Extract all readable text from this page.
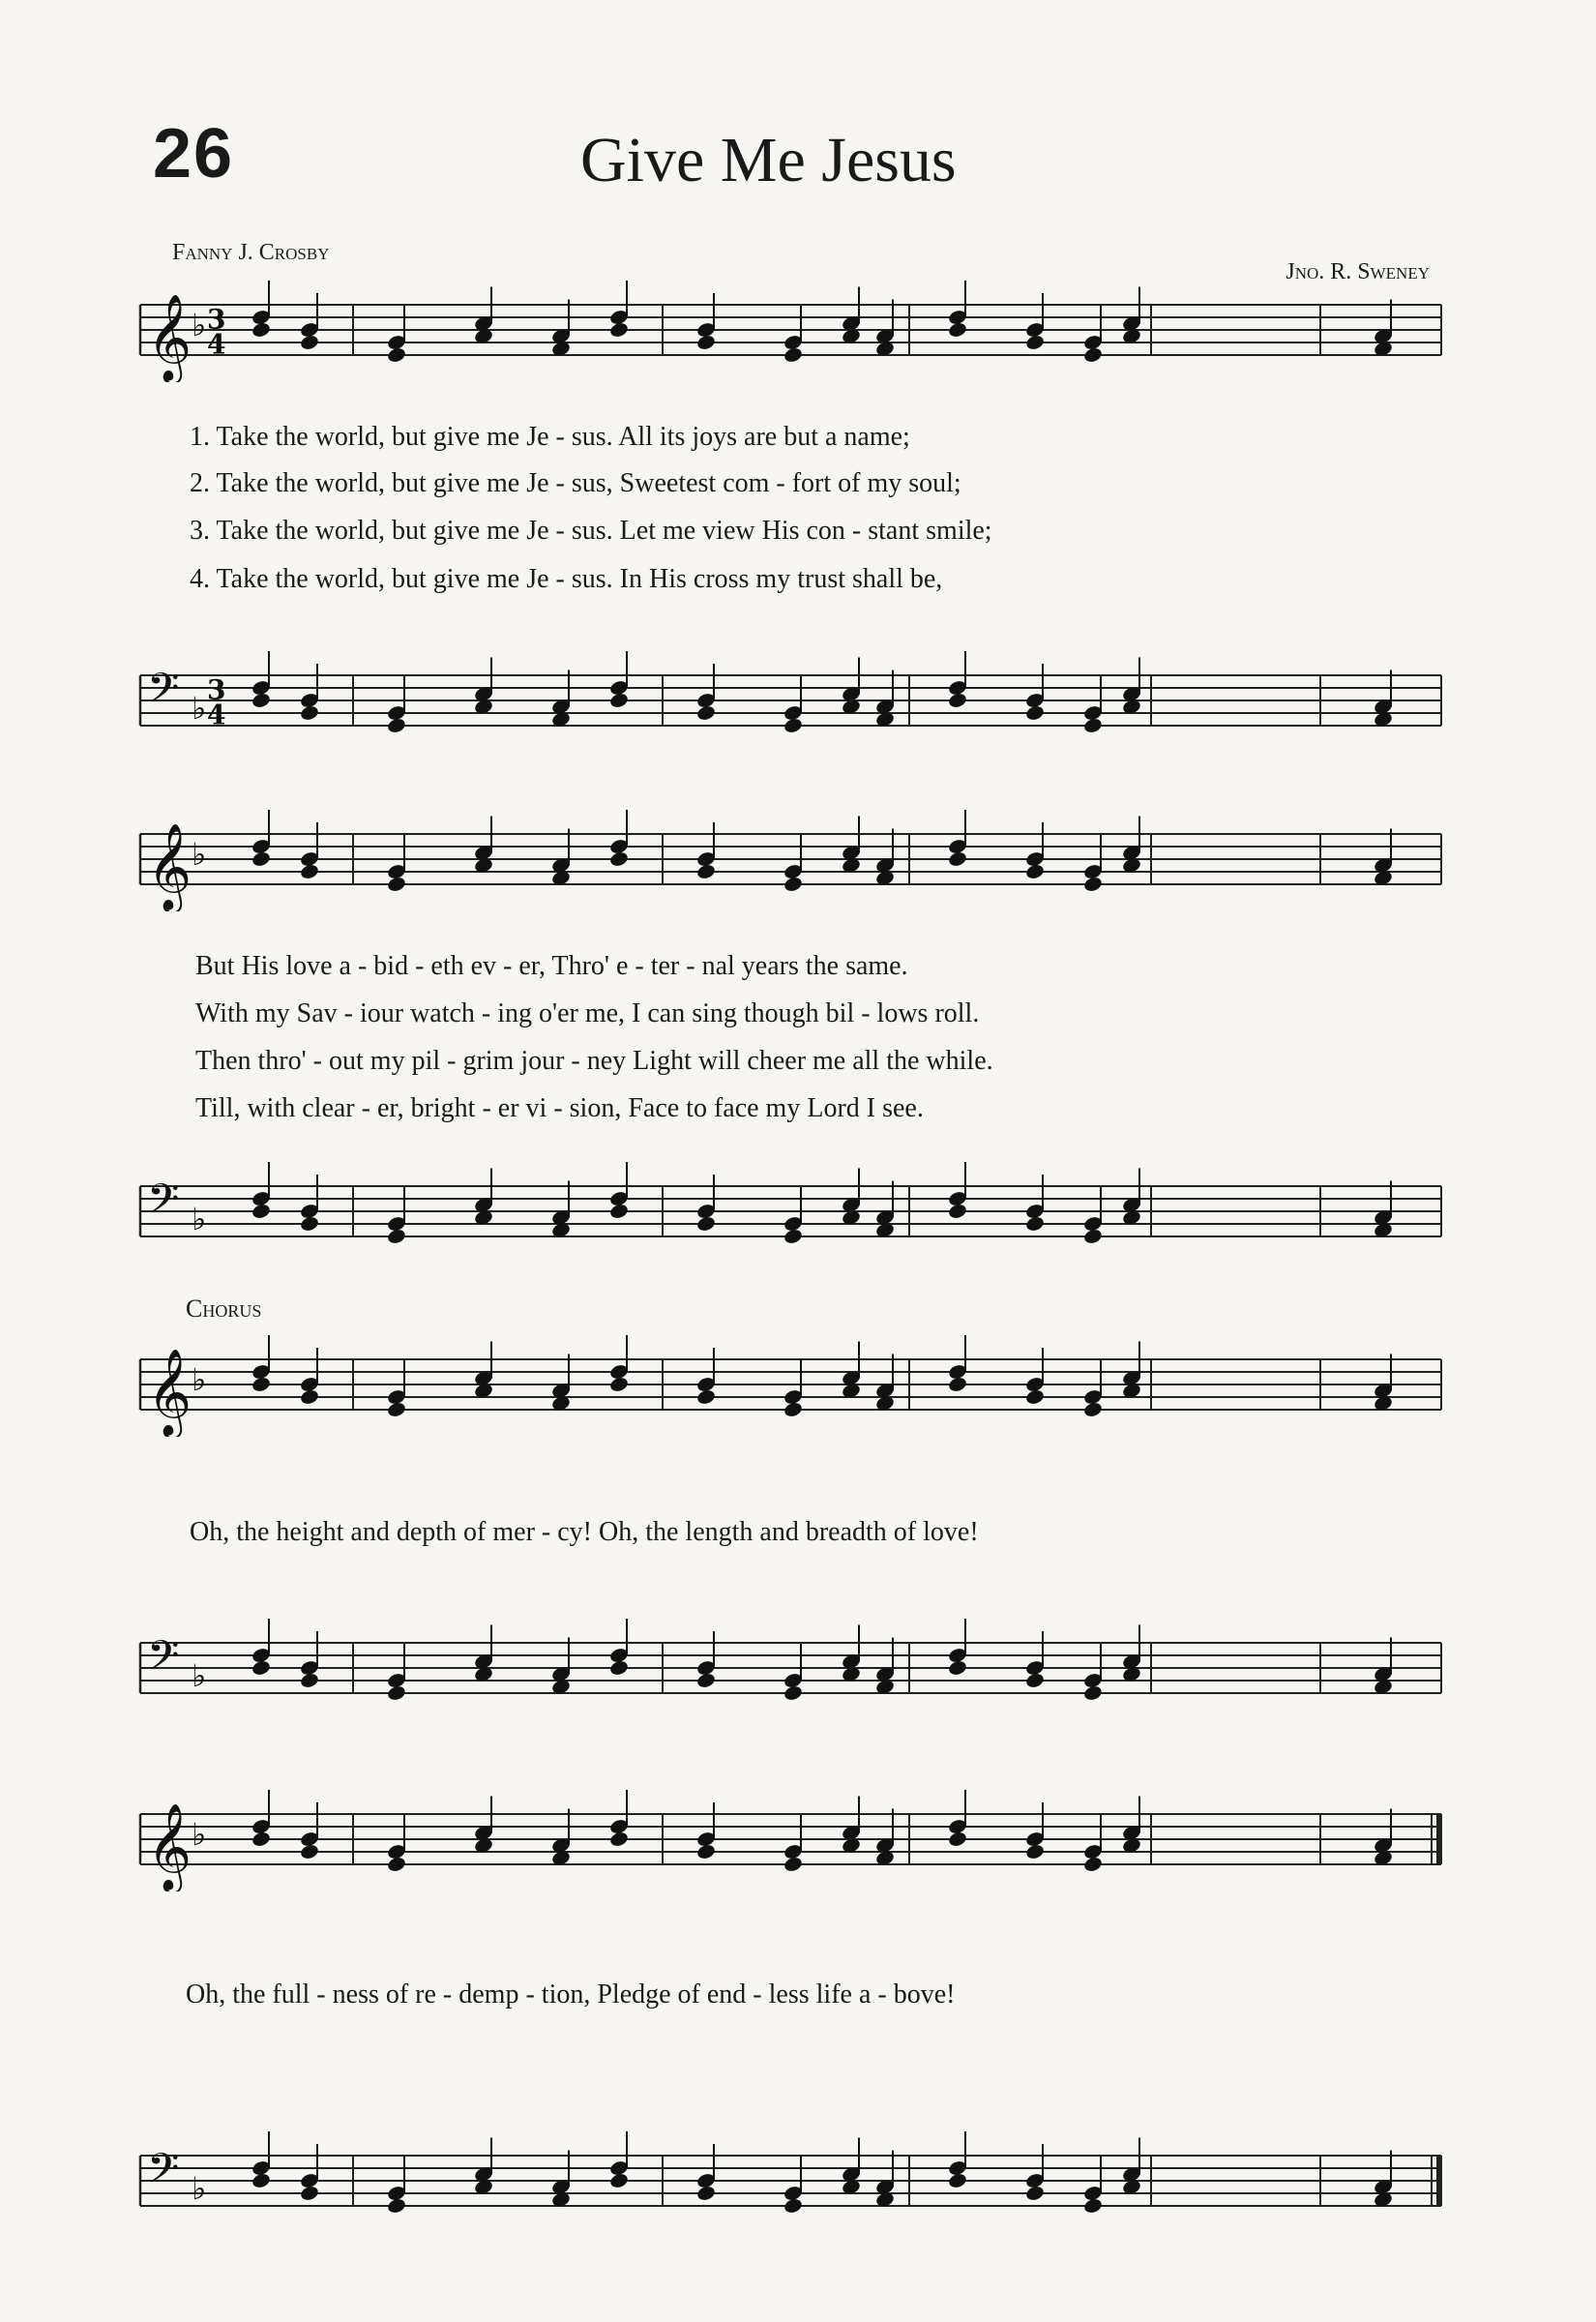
26	Give Me Jesus
Fanny J. Crosby
Jno. R. Sweney
𝄞 ♭ 3
4
1. Take the world, but give me Je - sus. All its joys are but a name;
2. Take the world, but give me Je - sus, Sweetest com - fort of my soul;
3. Take the world, but give me Je - sus. Let me view His con - stant smile;
4. Take the world, but give me Je - sus. In His cross my trust shall be,
𝄢 ♭ 3
4
𝄞 ♭
But His love a - bid - eth ev - er, Thro' e - ter - nal years the same.
With my Sav - iour watch - ing o'er me, I can sing though bil - lows roll.
Then thro' - out my pil - grim jour - ney Light will cheer me all the while.
Till, with clear - er, bright - er vi - sion, Face to face my Lord I see.
𝄢 ♭
Chorus
𝄞 ♭
Oh, the height and depth of mer - cy! Oh, the length and breadth of love!
𝄢 ♭
𝄞 ♭
Oh, the full - ness of re - demp - tion, Pledge of end - less life a - bove!
𝄢 ♭
